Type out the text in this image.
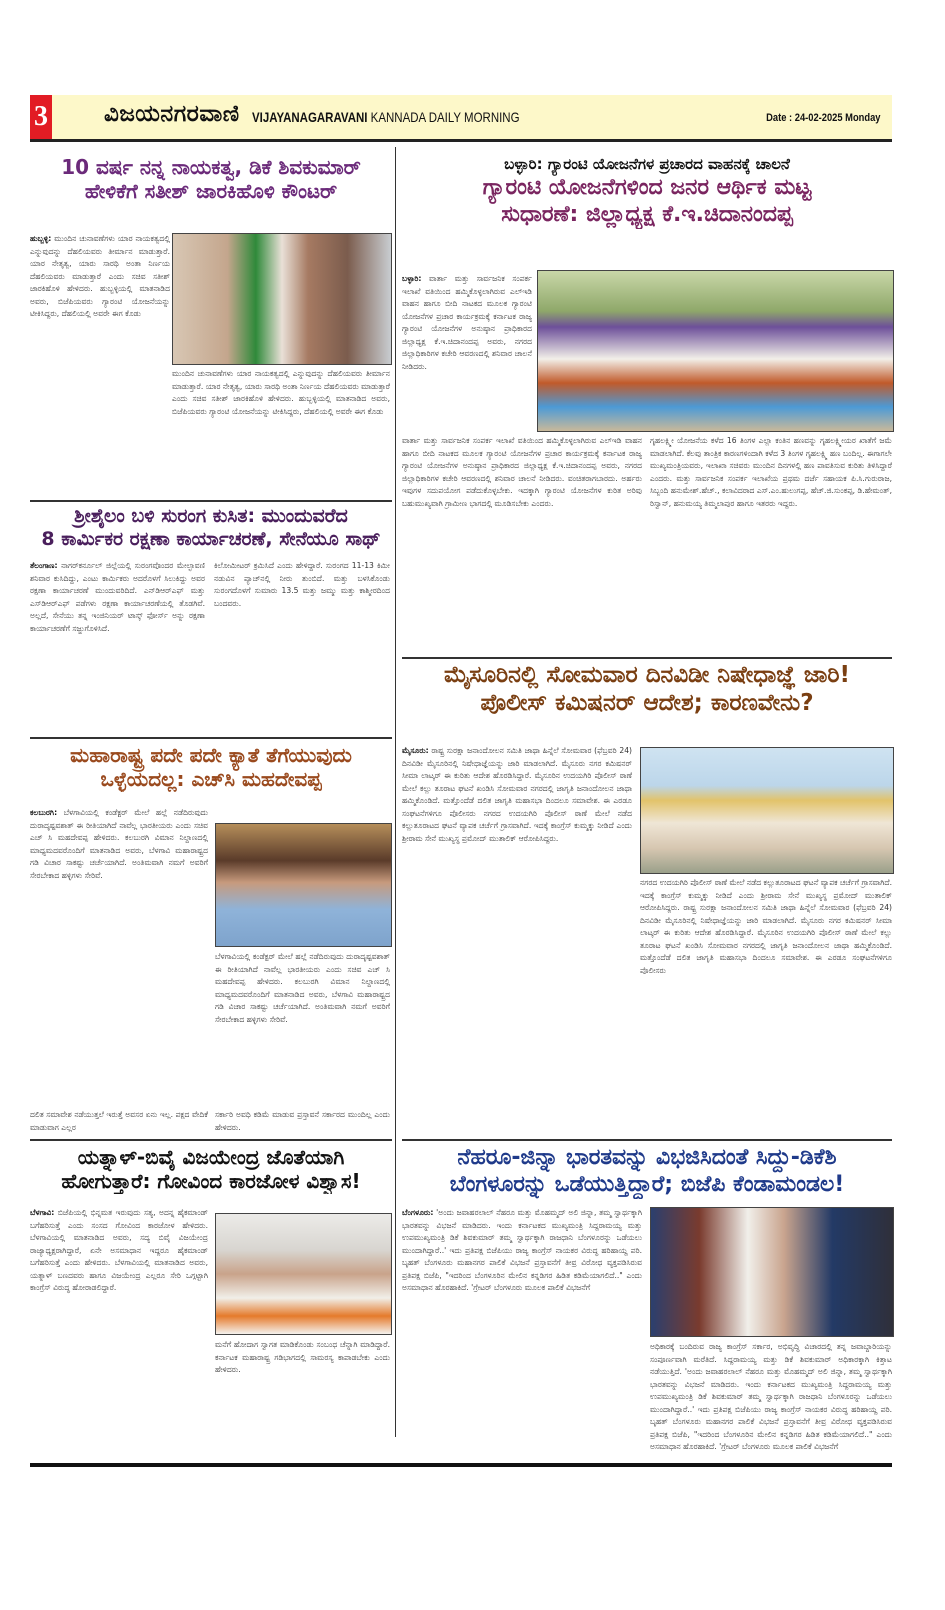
3 ವಿಜಯನಗರವಾಣಿ VIJAYANAGARAVANI KANNADA DAILY MORNING	Date : 24-02-2025 Monday
10 ವರ್ಷ ನನ್ನ ನಾಯಕತ್ವ, ಡಿಕೆ ಶಿವಕುಮಾರ್
ಹೇಳಿಕೆಗೆ ಸತೀಶ್ ಜಾರಕಿಹೊಳಿ ಕೌಂಟರ್
ಹುಬ್ಬಳ್ಳಿ: ಮುಂದಿನ ಚುನಾವಣೆಗಳು ಯಾರ ನಾಯಕತ್ವದಲ್ಲಿ ಎನ್ನುವುದನ್ನು ದೆಹಲಿಯವರು ತೀರ್ಮಾನ ಮಾಡುತ್ತಾರೆ. ಯಾರ ನೇತೃತ್ವ, ಯಾರು ಸಾರಥಿ ಅಂತಾ ನಿರ್ಣಯ ದೆಹಲಿಯವರು ಮಾಡುತ್ತಾರೆ ಎಂದು ಸಚಿವ ಸತೀಶ್ ಜಾರಕಿಹೊಳಿ ಹೇಳಿದರು. ಹುಬ್ಬಳ್ಳಿಯಲ್ಲಿ ಮಾತನಾಡಿದ ಅವರು, ಬಿಜೆಪಿಯವರು ಗ್ಯಾರಂಟಿ ಯೋಜನೆಯನ್ನು ಟೀಕಿಸಿದ್ದರು, ದೆಹಲಿಯಲ್ಲಿ ಅವರೇ ಈಗ ಕೊಡು
ಮುಂದಿನ ಚುನಾವಣೆಗಳು ಯಾರ ನಾಯಕತ್ವದಲ್ಲಿ ಎನ್ನುವುದನ್ನು ದೆಹಲಿಯವರು ತೀರ್ಮಾನ ಮಾಡುತ್ತಾರೆ. ಯಾರ ನೇತೃತ್ವ, ಯಾರು ಸಾರಥಿ ಅಂತಾ ನಿರ್ಣಯ ದೆಹಲಿಯವರು ಮಾಡುತ್ತಾರೆ ಎಂದು ಸಚಿವ ಸತೀಶ್ ಜಾರಕಿಹೊಳಿ ಹೇಳಿದರು. ಹುಬ್ಬಳ್ಳಿಯಲ್ಲಿ ಮಾತನಾಡಿದ ಅವರು, ಬಿಜೆಪಿಯವರು ಗ್ಯಾರಂಟಿ ಯೋಜನೆಯನ್ನು ಟೀಕಿಸಿದ್ದರು, ದೆಹಲಿಯಲ್ಲಿ ಅವರೇ ಈಗ ಕೊಡು
ಶ್ರೀಶೈಲಂ ಬಳಿ ಸುರಂಗ ಕುಸಿತ: ಮುಂದುವರೆದ
8 ಕಾರ್ಮಿಕರ ರಕ್ಷಣಾ ಕಾರ್ಯಾಚರಣೆ, ಸೇನೆಯೂ ಸಾಥ್
ತೆಲಂಗಾಣ: ನಾಗರ್‌ಕರ್ನೂಲ್ ಜಿಲ್ಲೆಯಲ್ಲಿ ಸುರಂಗವೊಂದರ ಮೇಲ್ಛಾವಣಿ ಶನಿವಾರ ಕುಸಿದಿದ್ದು, ಎಂಟು ಕಾರ್ಮಿಕರು ಅದರೊಳಗೆ ಸಿಲುಕಿದ್ದು ಅವರ ರಕ್ಷಣಾ ಕಾರ್ಯಾಚರಣೆ ಮುಂದುವರಿದಿದೆ. ಎನ್‌ಡಿಆರ್‌ಎಫ್ ಮತ್ತು ಎಸ್‌ಡಿಆರ್‌ಎಫ್ ಪಡೆಗಳು ರಕ್ಷಣಾ ಕಾರ್ಯಾಚರಣೆಯಲ್ಲಿ ತೊಡಗಿವೆ. ಅಲ್ಲದೆ, ಸೇನೆಯು ತನ್ನ ಇಂಜಿನಿಯರ್ ಟಾಸ್ಕ್ ಫೋರ್ಸ್ ಅನ್ನು ರಕ್ಷಣಾ ಕಾರ್ಯಾಚರಣೆಗೆ ಸಜ್ಜುಗೊಳಿಸಿದೆ.
ಕಿಲೋಮೀಟರ್ ಕ್ರಮಿಸಿದೆ ಎಂದು ಹೇಳಿದ್ದಾರೆ. ಸುರಂಗದ 11-13 ಕಿಮೀ ನಡುವಿನ ಪ್ಯಾಚ್‌ನಲ್ಲಿ ನೀರು ತುಂಬಿದೆ. ಮತ್ತು ಬಳಸಿಕೊಂಡು ಸುರಂಗದೊಳಗೆ ಸುಮಾರು 13.5 ಮತ್ತು ಜಮ್ಮು ಮತ್ತು ಕಾಶ್ಮೀರದಿಂದ ಬಂದವರು.
ಮಹಾರಾಷ್ಟ್ರ ಪದೇ ಪದೇ ಕ್ಯಾತೆ ತೆಗೆಯುವುದು
ಒಳ್ಳೆಯದಲ್ಲ: ಎಚ್‌ಸಿ ಮಹದೇವಪ್ಪ
ಕಲಬುರಗಿ: ಬೆಳಗಾವಿಯಲ್ಲಿ ಕಂಡೆಕ್ಟರ್ ಮೇಲೆ ಹಲ್ಲೆ ನಡೆದಿರುವುದು ದುರಾದೃಷ್ಟವಶಾತ್ ಈ ರೀತಿಯಾಗಿದೆ ನಾವೆಲ್ಲ ಭಾರತೀಯರು ಎಂದು ಸಚಿವ ಎಚ್ ಸಿ ಮಹದೇವಪ್ಪ ಹೇಳಿದರು. ಕಲಬುರಗಿ ವಿಮಾನ ನಿಲ್ದಾಣದಲ್ಲಿ ಮಾಧ್ಯಮದವರೊಂದಿಗೆ ಮಾತನಾಡಿದ ಅವರು, ಬೆಳಗಾವಿ ಮಹಾರಾಷ್ಟ್ರದ ಗಡಿ ವಿಚಾರ ಸಾಕಷ್ಟು ಚರ್ಚೆಯಾಗಿದೆ. ಅಂತಿಮವಾಗಿ ನಮಗೆ ಅವರಿಗೆ ಸೇರಬೇಕಾದ ಹಳ್ಳಿಗಳು ಸೇರಿವೆ.
ಬೆಳಗಾವಿಯಲ್ಲಿ ಕಂಡೆಕ್ಟರ್ ಮೇಲೆ ಹಲ್ಲೆ ನಡೆದಿರುವುದು ದುರಾದೃಷ್ಟವಶಾತ್ ಈ ರೀತಿಯಾಗಿದೆ ನಾವೆಲ್ಲ ಭಾರತೀಯರು ಎಂದು ಸಚಿವ ಎಚ್ ಸಿ ಮಹದೇವಪ್ಪ ಹೇಳಿದರು. ಕಲಬುರಗಿ ವಿಮಾನ ನಿಲ್ದಾಣದಲ್ಲಿ ಮಾಧ್ಯಮದವರೊಂದಿಗೆ ಮಾತನಾಡಿದ ಅವರು, ಬೆಳಗಾವಿ ಮಹಾರಾಷ್ಟ್ರದ ಗಡಿ ವಿಚಾರ ಸಾಕಷ್ಟು ಚರ್ಚೆಯಾಗಿದೆ. ಅಂತಿಮವಾಗಿ ನಮಗೆ ಅವರಿಗೆ ಸೇರಬೇಕಾದ ಹಳ್ಳಿಗಳು ಸೇರಿವೆ.
ದಲಿತ ಸಮಾವೇಶ ನಡೆಯುತ್ತಲೆ ಇರುತ್ತೆ ಅವಸರ ಏನು ಇಲ್ಲ. ಪಕ್ಷದ ವೇದಿಕೆ ಮಾಡುವಾಗ ಎಲ್ಲರ
ಸರ್ಕಾರಿ ಅವಧಿ ಕಡಿಮೆ ಮಾಡುವ ಪ್ರಸ್ತಾವನೆ ಸರ್ಕಾರದ ಮುಂದಿಲ್ಲ ಎಂದು ಹೇಳಿದರು.
ಯತ್ನಾಳ್-ಬಿವೈ ವಿಜಯೇಂದ್ರ ಜೊತೆಯಾಗಿ
ಹೋಗುತ್ತಾರೆ: ಗೋವಿಂದ ಕಾರಜೋಳ ವಿಶ್ವಾಸ!
ಬೆಳಗಾವಿ: ಬಿಜೆಪಿಯಲ್ಲಿ ಭಿನ್ನಮತ ಇರುವುದು ಸತ್ಯ, ಅದನ್ನ ಹೈಕಮಾಂಡ್ ಬಗೆಹರಿಸುತ್ತೆ ಎಂದು ಸಂಸದ ಗೋವಿಂದ ಕಾರಜೋಳ ಹೇಳಿದರು. ಬೆಳಗಾವಿಯಲ್ಲಿ ಮಾತನಾಡಿದ ಅವರು, ಸದ್ಯ ಬಿವೈ ವಿಜಯೇಂದ್ರ ರಾಜ್ಯಾಧ್ಯಕ್ಷರಾಗಿದ್ದಾರೆ, ಏನೇ ಅಸಮಾಧಾನ ಇದ್ದರೂ ಹೈಕಮಾಂಡ್ ಬಗೆಹರಿಸುತ್ತೆ ಎಂದು ಹೇಳಿದರು. ಬೆಳಗಾವಿಯಲ್ಲಿ ಮಾತನಾಡಿದ ಅವರು, ಯತ್ನಾಳ್ ಬಣದವರು ಹಾಗೂ ವಿಜಯೇಂದ್ರ ಎಲ್ಲರೂ ಸೇರಿ ಒಗ್ಗಟ್ಟಾಗಿ ಕಾಂಗ್ರೆಸ್ ವಿರುದ್ಧ ಹೋರಾಡಲಿದ್ದಾರೆ.
ಮನೆಗೆ ಹೋದಾಗ ಸ್ವಾಗತ ಮಾಡಿಕೊಂಡು ಸಂಬಂಧ ಚೆನ್ನಾಗಿ ಮಾಡಿದ್ದಾರೆ. ಕರ್ನಾಟಕ ಮಹಾರಾಷ್ಟ್ರ ಗಡಿಭಾಗದಲ್ಲಿ ಸಾಮರಸ್ಯ ಕಾಪಾಡಬೇಕು ಎಂದು ಹೇಳಿದರು.
ಬಳ್ಳಾರಿ: ಗ್ಯಾರಂಟಿ ಯೋಜನೆಗಳ ಪ್ರಚಾರದ ವಾಹನಕ್ಕೆ ಚಾಲನೆ
ಗ್ಯಾರಂಟಿ ಯೋಜನೆಗಳಿಂದ ಜನರ ಆರ್ಥಿಕ ಮಟ್ಟ
ಸುಧಾರಣೆ: ಜಿಲ್ಲಾಧ್ಯಕ್ಷ ಕೆ.ಇ.ಚಿದಾನಂದಪ್ಪ
ಬಳ್ಳಾರಿ: ವಾರ್ತಾ ಮತ್ತು ಸಾರ್ವಜನಿಕ ಸಂಪರ್ಕ ಇಲಾಖೆ ವತಿಯಿಂದ ಹಮ್ಮಿಕೊಳ್ಳಲಾಗಿರುವ ಎಲ್ಇಡಿ ವಾಹನ ಹಾಗೂ ಬೀದಿ ನಾಟಕದ ಮೂಲಕ ಗ್ಯಾರಂಟಿ ಯೋಜನೆಗಳ ಪ್ರಚಾರ ಕಾರ್ಯಕ್ರಮಕ್ಕೆ ಕರ್ನಾಟಕ ರಾಜ್ಯ ಗ್ಯಾರಂಟಿ ಯೋಜನೆಗಳ ಅನುಷ್ಠಾನ ಪ್ರಾಧಿಕಾರದ ಜಿಲ್ಲಾಧ್ಯಕ್ಷ ಕೆ.ಇ.ಚಿದಾನಂದಪ್ಪ ಅವರು, ನಗರದ ಜಿಲ್ಲಾಧಿಕಾರಿಗಳ ಕಚೇರಿ ಆವರಣದಲ್ಲಿ ಶನಿವಾರ ಚಾಲನೆ ನೀಡಿದರು.
ವಾರ್ತಾ ಮತ್ತು ಸಾರ್ವಜನಿಕ ಸಂಪರ್ಕ ಇಲಾಖೆ ವತಿಯಿಂದ ಹಮ್ಮಿಕೊಳ್ಳಲಾಗಿರುವ ಎಲ್ಇಡಿ ವಾಹನ ಹಾಗೂ ಬೀದಿ ನಾಟಕದ ಮೂಲಕ ಗ್ಯಾರಂಟಿ ಯೋಜನೆಗಳ ಪ್ರಚಾರ ಕಾರ್ಯಕ್ರಮಕ್ಕೆ ಕರ್ನಾಟಕ ರಾಜ್ಯ ಗ್ಯಾರಂಟಿ ಯೋಜನೆಗಳ ಅನುಷ್ಠಾನ ಪ್ರಾಧಿಕಾರದ ಜಿಲ್ಲಾಧ್ಯಕ್ಷ ಕೆ.ಇ.ಚಿದಾನಂದಪ್ಪ ಅವರು, ನಗರದ ಜಿಲ್ಲಾಧಿಕಾರಿಗಳ ಕಚೇರಿ ಆವರಣದಲ್ಲಿ ಶನಿವಾರ ಚಾಲನೆ ನೀಡಿದರು. ವಂಚಿತರಾಗಬಾರದು. ಅರ್ಹರು ಇವುಗಳ ಸದುಪಯೋಗ ಪಡೆದುಕೊಳ್ಳಬೇಕು. ಇದಕ್ಕಾಗಿ ಗ್ಯಾರಂಟಿ ಯೋಜನೆಗಳ ಕುರಿತ ಅರಿವು ಬಹುಮುಖ್ಯವಾಗಿ ಗ್ರಾಮೀಣ ಭಾಗದಲ್ಲಿ ಮೂಡಿಸಬೇಕು ಎಂದರು.
ಗೃಹಲಕ್ಷ್ಮೀ ಯೋಜನೆಯ ಕಳೆದ 16 ತಿಂಗಳ ಎಲ್ಲಾ ಕಂತಿನ ಹಣವನ್ನು ಗೃಹಲಕ್ಷ್ಮೀಯರ ಖಾತೆಗೆ ಜಮೆ ಮಾಡಲಾಗಿದೆ. ಕೆಲವು ತಾಂತ್ರಿಕ ಕಾರಣಗಳಿಂದಾಗಿ ಕಳೆದ 3 ತಿಂಗಳ ಗೃಹಲಕ್ಷ್ಮಿ ಹಣ ಬಂದಿಲ್ಲ. ಈಗಾಗಲೇ ಮುಖ್ಯಮಂತ್ರಿಯವರು, ಇಲಾಖಾ ಸಚಿವರು ಮುಂದಿನ ದಿನಗಳಲ್ಲಿ ಹಣ ಪಾವತಿಸುವ ಕುರಿತು ತಿಳಿಸಿದ್ದಾರೆ ಎಂದರು. ಮತ್ತು ಸಾರ್ವಜನಿಕ ಸಂಪರ್ಕ ಇಲಾಖೆಯ ಪ್ರಥಮ ದರ್ಜೆ ಸಹಾಯಕ ಪಿ.ಸಿ.ಗುರುರಾಜ, ಸಿಬ್ಬಂದಿ ಹನುಮೇಶ್.ಹೆಚ್., ಕಲಾವಿದರಾದ ಎಸ್.ಎಂ.ಹುಲುಗಪ್ಪ, ಹೆಚ್.ಜಿ.ಸುಂಕಪ್ಪ, ಡಿ.ಹೇಮಂತ್, ರಿಸ್ವಾನ್, ಹನುಮಯ್ಯ ತಿಮ್ಮಲಾಪುರ ಹಾಗೂ ಇತರರು ಇದ್ದರು.
ಮೈಸೂರಿನಲ್ಲಿ ಸೋಮವಾರ ದಿನವಿಡೀ ನಿಷೇಧಾಜ್ಞೆ ಜಾರಿ!
ಪೊಲೀಸ್ ಕಮಿಷನರ್ ಆದೇಶ; ಕಾರಣವೇನು?
ಮೈಸೂರು: ರಾಷ್ಟ್ರ ಸುರಕ್ಷಾ ಜನಾಂದೋಲನ ಸಮಿತಿ ಜಾಥಾ ಹಿನ್ನೆಲೆ ಸೋಮವಾರ (ಫೆಬ್ರವರಿ 24) ದಿನವಿಡೀ ಮೈಸೂರಿನಲ್ಲಿ ನಿಷೇಧಾಜ್ಞೆಯನ್ನು ಜಾರಿ ಮಾಡಲಾಗಿದೆ. ಮೈಸೂರು ನಗರ ಕಮಿಷನರ್ ಸೀಮಾ ಲಾಟ್ಕರ್ ಈ ಕುರಿತು ಆದೇಶ ಹೊರಡಿಸಿದ್ದಾರೆ. ಮೈಸೂರಿನ ಉದಯಗಿರಿ ಪೊಲೀಸ್ ಠಾಣೆ ಮೇಲೆ ಕಲ್ಲು ತೂರಾಟ ಘಟನೆ ಖಂಡಿಸಿ ಸೋಮವಾರ ನಗರದಲ್ಲಿ ಜಾಗೃತಿ ಜನಾಂದೋಲನ ಜಾಥಾ ಹಮ್ಮಿಕೊಂಡಿದೆ. ಮತ್ತೊಂದೆಡೆ ದಲಿತ ಜಾಗೃತಿ ಮಹಾಸಭಾ ದಿಂದಲೂ ಸಮಾವೇಶ. ಈ ಎರಡೂ ಸಂಘಟನೆಗಳಿಗೂ ಪೊಲೀಸರು ನಗರದ ಉದಯಗಿರಿ ಪೊಲೀಸ್ ಠಾಣೆ ಮೇಲೆ ನಡೆದ ಕಲ್ಲುತೂರಾಟದ ಘಟನೆ ವ್ಯಾಪಕ ಚರ್ಚೆಗೆ ಗ್ರಾಸವಾಗಿದೆ. ಇದಕ್ಕೆ ಕಾಂಗ್ರೆಸ್ ಕುಮ್ಮಕ್ಕು ನೀಡಿದೆ ಎಂದು ಶ್ರೀರಾಮ ಸೇನೆ ಮುಖ್ಯಸ್ಥ ಪ್ರಮೋದ್ ಮುತಾಲಿಕ್ ಆರೋಪಿಸಿದ್ದರು.
ನಗರದ ಉದಯಗಿರಿ ಪೊಲೀಸ್ ಠಾಣೆ ಮೇಲೆ ನಡೆದ ಕಲ್ಲುತೂರಾಟದ ಘಟನೆ ವ್ಯಾಪಕ ಚರ್ಚೆಗೆ ಗ್ರಾಸವಾಗಿದೆ. ಇದಕ್ಕೆ ಕಾಂಗ್ರೆಸ್ ಕುಮ್ಮಕ್ಕು ನೀಡಿದೆ ಎಂದು ಶ್ರೀರಾಮ ಸೇನೆ ಮುಖ್ಯಸ್ಥ ಪ್ರಮೋದ್ ಮುತಾಲಿಕ್ ಆರೋಪಿಸಿದ್ದರು. ರಾಷ್ಟ್ರ ಸುರಕ್ಷಾ ಜನಾಂದೋಲನ ಸಮಿತಿ ಜಾಥಾ ಹಿನ್ನೆಲೆ ಸೋಮವಾರ (ಫೆಬ್ರವರಿ 24) ದಿನವಿಡೀ ಮೈಸೂರಿನಲ್ಲಿ ನಿಷೇಧಾಜ್ಞೆಯನ್ನು ಜಾರಿ ಮಾಡಲಾಗಿದೆ. ಮೈಸೂರು ನಗರ ಕಮಿಷನರ್ ಸೀಮಾ ಲಾಟ್ಕರ್ ಈ ಕುರಿತು ಆದೇಶ ಹೊರಡಿಸಿದ್ದಾರೆ. ಮೈಸೂರಿನ ಉದಯಗಿರಿ ಪೊಲೀಸ್ ಠಾಣೆ ಮೇಲೆ ಕಲ್ಲು ತೂರಾಟ ಘಟನೆ ಖಂಡಿಸಿ ಸೋಮವಾರ ನಗರದಲ್ಲಿ ಜಾಗೃತಿ ಜನಾಂದೋಲನ ಜಾಥಾ ಹಮ್ಮಿಕೊಂಡಿದೆ. ಮತ್ತೊಂದೆಡೆ ದಲಿತ ಜಾಗೃತಿ ಮಹಾಸಭಾ ದಿಂದಲೂ ಸಮಾವೇಶ. ಈ ಎರಡೂ ಸಂಘಟನೆಗಳಿಗೂ ಪೊಲೀಸರು
ನೆಹರೂ-ಜಿನ್ನಾ ಭಾರತವನ್ನು ವಿಭಜಿಸಿದಂತೆ ಸಿದ್ದು-ಡಿಕೆಶಿ
ಬೆಂಗಳೂರನ್ನು ಒಡೆಯುತ್ತಿದ್ದಾರೆ; ಬಿಜೆಪಿ ಕೆಂಡಾಮಂಡಲ!
ಬೆಂಗಳೂರು: 'ಅಂದು ಜವಾಹರಲಾಲ್ ನೆಹರೂ ಮತ್ತು ಮೊಹಮ್ಮದ್ ಅಲಿ ಜಿನ್ನಾ, ತಮ್ಮ ಸ್ವಾರ್ಥಕ್ಕಾಗಿ ಭಾರತವನ್ನು ವಿಭಜನೆ ಮಾಡಿದರು. ಇಂದು ಕರ್ನಾಟಕದ ಮುಖ್ಯಮಂತ್ರಿ ಸಿದ್ದರಾಮಯ್ಯ ಮತ್ತು ಉಪಮುಖ್ಯಮಂತ್ರಿ ಡಿಕೆ ಶಿವಕುಮಾರ್ ತಮ್ಮ ಸ್ವಾರ್ಥಕ್ಕಾಗಿ ರಾಜಧಾನಿ ಬೆಂಗಳೂರನ್ನು ಒಡೆಯಲು ಮುಂದಾಗಿದ್ದಾರೆ..' ಇದು ಪ್ರತಿಪಕ್ಷ ಬಿಜೆಪಿಯು ರಾಜ್ಯ ಕಾಂಗ್ರೆಸ್ ನಾಯಕರ ವಿರುದ್ಧ ಹರಿಹಾಯ್ದ ಪರಿ. ಬೃಹತ್ ಬೆಂಗಳೂರು ಮಹಾನಗರ ಪಾಲಿಕೆ ವಿಭಜನೆ ಪ್ರಸ್ತಾವನೆಗೆ ತೀವ್ರ ವಿರೋಧ ವ್ಯಕ್ತಪಡಿಸಿರುವ ಪ್ರತಿಪಕ್ಷ ಬಿಜೆಪಿ, "ಇದರಿಂದ ಬೆಂಗಳೂರಿನ ಮೇಲಿನ ಕನ್ನಡಿಗರ ಹಿಡಿತ ಕಡಿಮೆಯಾಗಲಿದೆ.." ಎಂದು ಅಸಮಾಧಾನ ಹೊರಹಾಕಿದೆ. 'ಗ್ರೇಟರ್ ಬೆಂಗಳೂರು ಮೂಲಕ ಪಾಲಿಕೆ ವಿಭಜನೆಗೆ
ಅಧಿಕಾರಕ್ಕೆ ಬಂದಿರುವ ರಾಜ್ಯ ಕಾಂಗ್ರೆಸ್ ಸರ್ಕಾರ, ಅಭಿವೃದ್ಧಿ ವಿಚಾರದಲ್ಲಿ ತನ್ನ ಜವಾಬ್ದಾರಿಯನ್ನು ಸಂಪೂರ್ಣವಾಗಿ ಮರೆತಿದೆ. ಸಿದ್ದರಾಮಯ್ಯ ಮತ್ತು ಡಿಕೆ ಶಿವಕುಮಾರ್ ಅಧಿಕಾರಕ್ಕಾಗಿ ಕಿತ್ತಾಟ ನಡೆಯುತ್ತಿದೆ. 'ಅಂದು ಜವಾಹರಲಾಲ್ ನೆಹರೂ ಮತ್ತು ಮೊಹಮ್ಮದ್ ಅಲಿ ಜಿನ್ನಾ, ತಮ್ಮ ಸ್ವಾರ್ಥಕ್ಕಾಗಿ ಭಾರತವನ್ನು ವಿಭಜನೆ ಮಾಡಿದರು. ಇಂದು ಕರ್ನಾಟಕದ ಮುಖ್ಯಮಂತ್ರಿ ಸಿದ್ದರಾಮಯ್ಯ ಮತ್ತು ಉಪಮುಖ್ಯಮಂತ್ರಿ ಡಿಕೆ ಶಿವಕುಮಾರ್ ತಮ್ಮ ಸ್ವಾರ್ಥಕ್ಕಾಗಿ ರಾಜಧಾನಿ ಬೆಂಗಳೂರನ್ನು ಒಡೆಯಲು ಮುಂದಾಗಿದ್ದಾರೆ..' ಇದು ಪ್ರತಿಪಕ್ಷ ಬಿಜೆಪಿಯು ರಾಜ್ಯ ಕಾಂಗ್ರೆಸ್ ನಾಯಕರ ವಿರುದ್ಧ ಹರಿಹಾಯ್ದ ಪರಿ. ಬೃಹತ್ ಬೆಂಗಳೂರು ಮಹಾನಗರ ಪಾಲಿಕೆ ವಿಭಜನೆ ಪ್ರಸ್ತಾವನೆಗೆ ತೀವ್ರ ವಿರೋಧ ವ್ಯಕ್ತಪಡಿಸಿರುವ ಪ್ರತಿಪಕ್ಷ ಬಿಜೆಪಿ, "ಇದರಿಂದ ಬೆಂಗಳೂರಿನ ಮೇಲಿನ ಕನ್ನಡಿಗರ ಹಿಡಿತ ಕಡಿಮೆಯಾಗಲಿದೆ.." ಎಂದು ಅಸಮಾಧಾನ ಹೊರಹಾಕಿದೆ. 'ಗ್ರೇಟರ್ ಬೆಂಗಳೂರು ಮೂಲಕ ಪಾಲಿಕೆ ವಿಭಜನೆಗೆ
